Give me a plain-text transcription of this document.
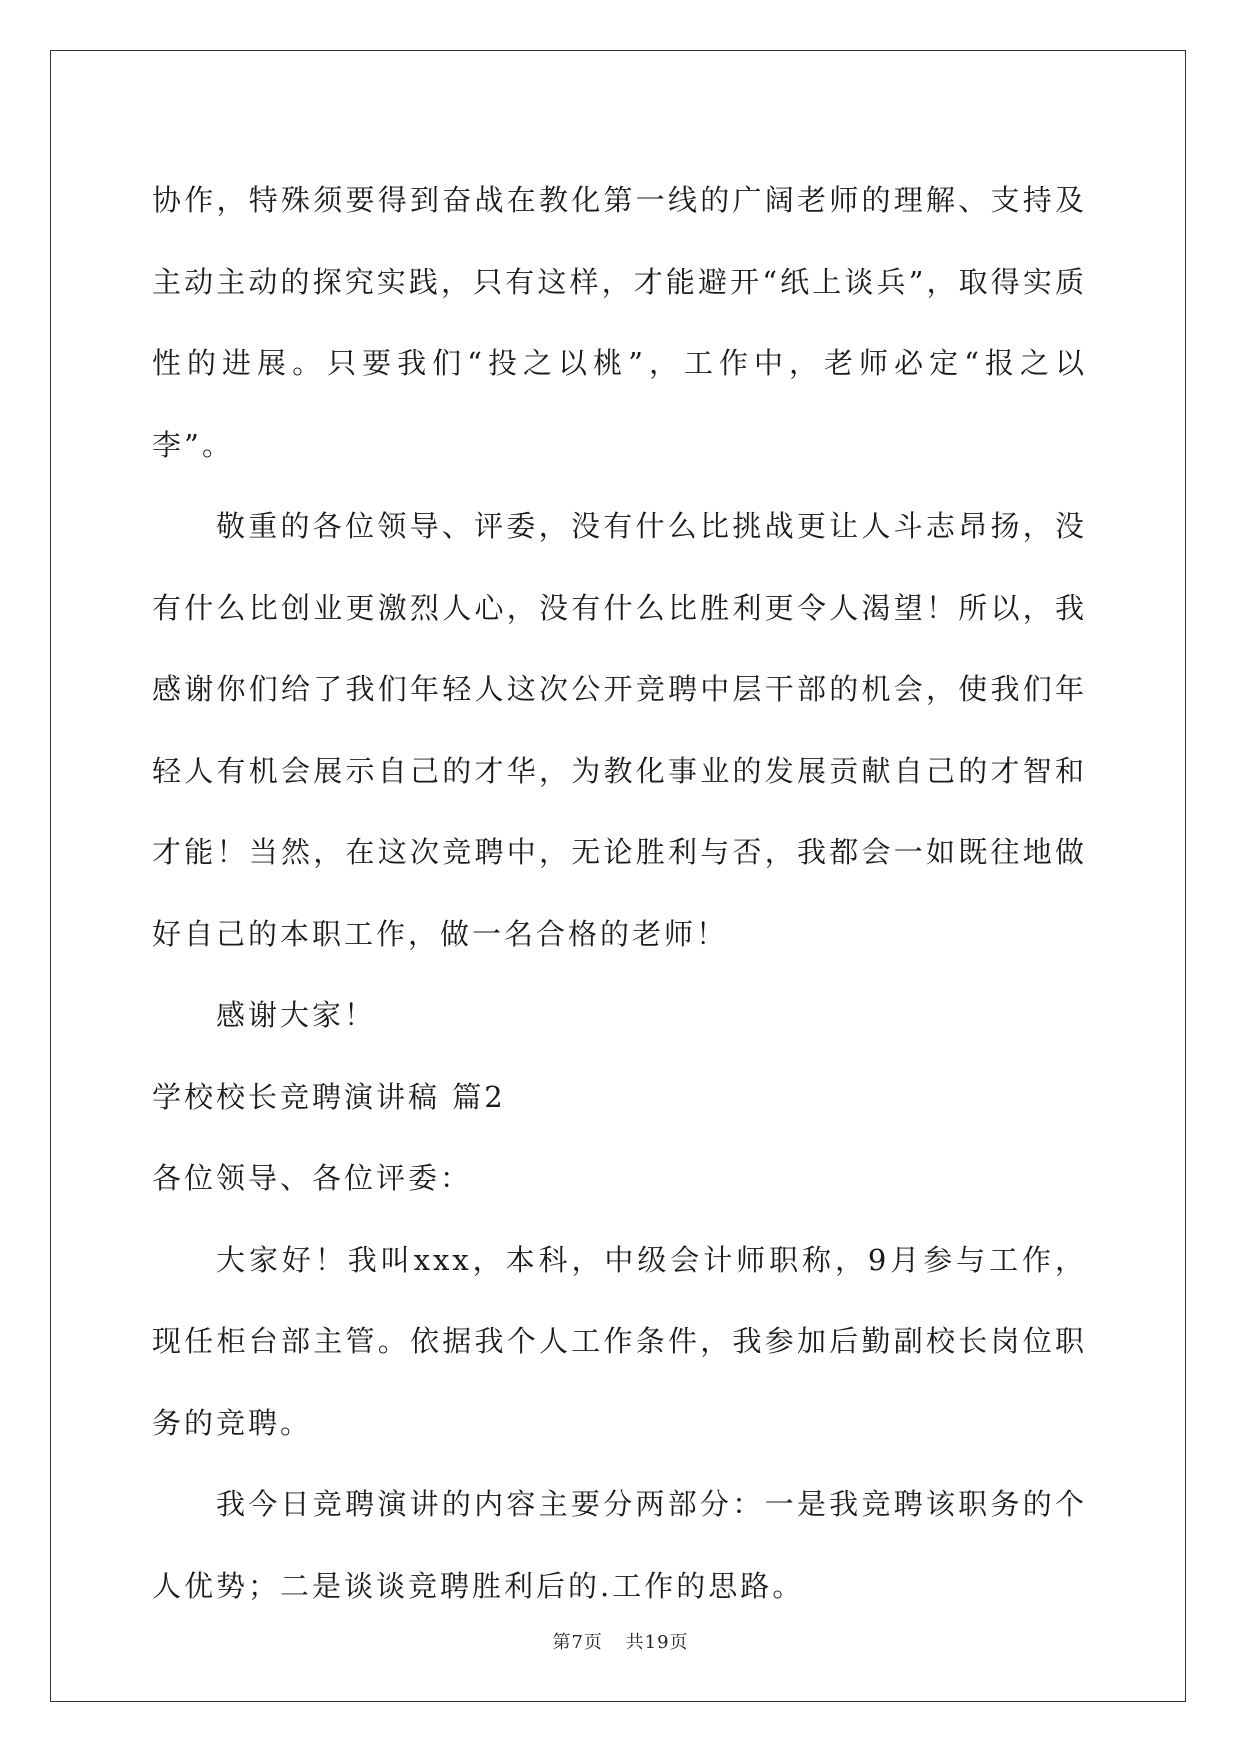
协作，特殊须要得到奋战在教化第一线的广阔老师的理解、支持及主动主动的探究实践，只有这样，才能避开“纸上谈兵”，取得实质性的进展。只要我们“投之以桃”，工作中，老师必定“报之以李”。

敬重的各位领导、评委，没有什么比挑战更让人斗志昂扬，没有什么比创业更激烈人心，没有什么比胜利更令人渴望！所以，我感谢你们给了我们年轻人这次公开竞聘中层干部的机会，使我们年轻人有机会展示自己的才华，为教化事业的发展贡献自己的才智和才能！当然，在这次竞聘中，无论胜利与否，我都会一如既往地做好自己的本职工作，做一名合格的老师！

感谢大家！

学校校长竞聘演讲稿 篇2

各位领导、各位评委：

大家好！我叫xxx，本科，中级会计师职称，9月参与工作，现任柜台部主管。依据我个人工作条件，我参加后勤副校长岗位职务的竞聘。

我今日竞聘演讲的内容主要分两部分：一是我竞聘该职务的个人优势；二是谈谈竞聘胜利后的.工作的思路。

第7页 共19页
